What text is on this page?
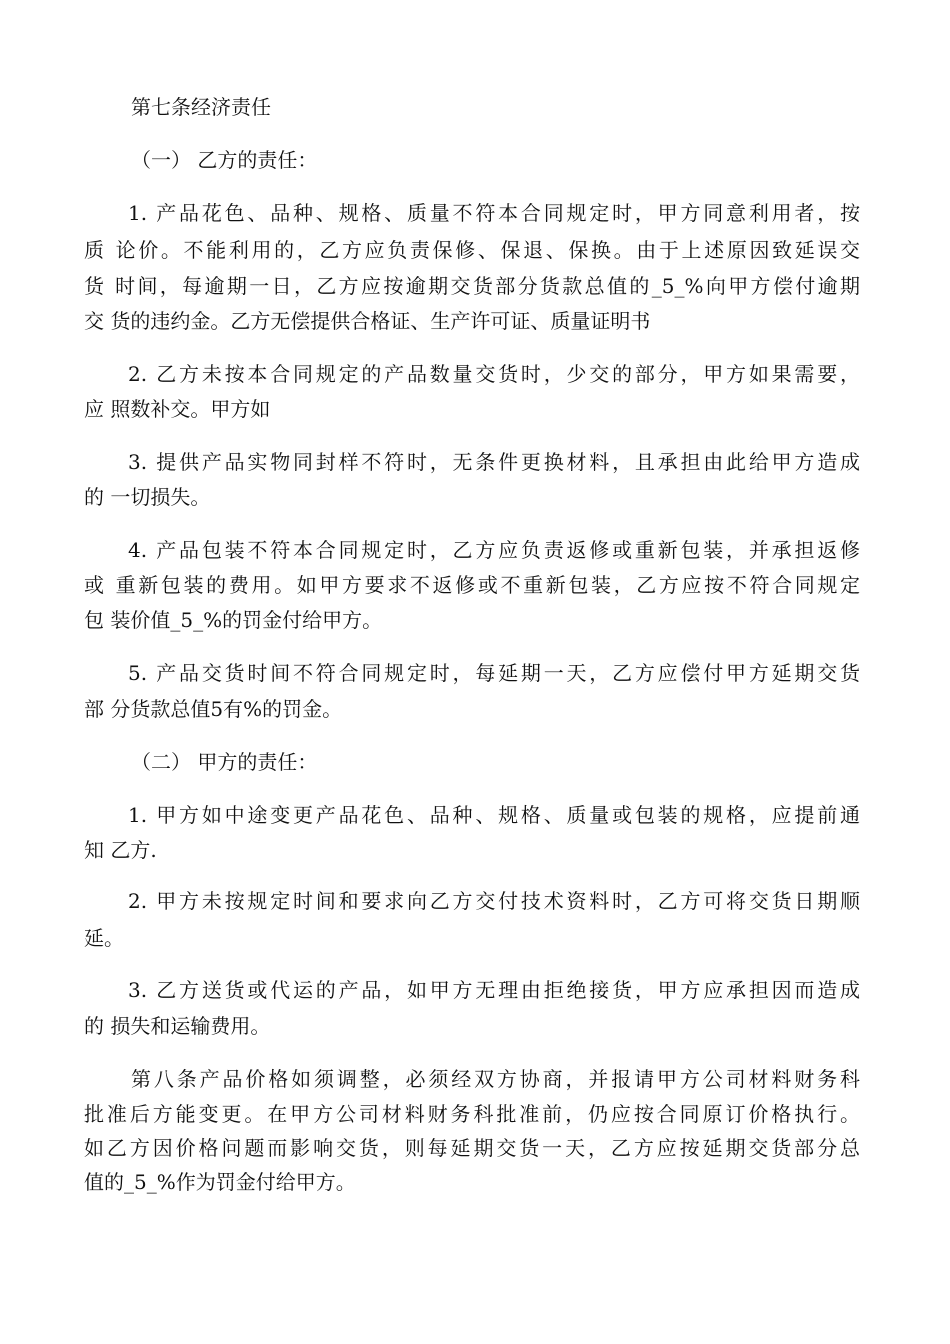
第七条经济责任
（一） 乙方的责任：
1. 产品花色、品种、规格、质量不符本合同规定时，甲方同意利用者，按
质 论价。不能利用的，乙方应负责保修、保退、保换。由于上述原因致延误交
货 时间，每逾期一日，乙方应按逾期交货部分货款总值的_5_%向甲方偿付逾期
交 货的违约金。乙方无偿提供合格证、生产许可证、质量证明书
2. 乙方未按本合同规定的产品数量交货时，少交的部分，甲方如果需要，
应 照数补交。甲方如
3. 提供产品实物同封样不符时，无条件更换材料，且承担由此给甲方造成
的 一切损失。
4. 产品包装不符本合同规定时，乙方应负责返修或重新包装，并承担返修
或 重新包装的费用。如甲方要求不返修或不重新包装，乙方应按不符合同规定
包 装价值_5_%的罚金付给甲方。
5. 产品交货时间不符合同规定时，每延期一天，乙方应偿付甲方延期交货
部 分货款总值5有%的罚金。
（二） 甲方的责任：
1. 甲方如中途变更产品花色、品种、规格、质量或包装的规格，应提前通
知 乙方.
2. 甲方未按规定时间和要求向乙方交付技术资料时，乙方可将交货日期顺
延。
3. 乙方送货或代运的产品，如甲方无理由拒绝接货，甲方应承担因而造成
的 损失和运输费用。
第八条产品价格如须调整，必须经双方协商，并报请甲方公司材料财务科
批准后方能变更。在甲方公司材料财务科批准前，仍应按合同原订价格执行。
如乙方因价格问题而影响交货，则每延期交货一天，乙方应按延期交货部分总
值的_5_%作为罚金付给甲方。
